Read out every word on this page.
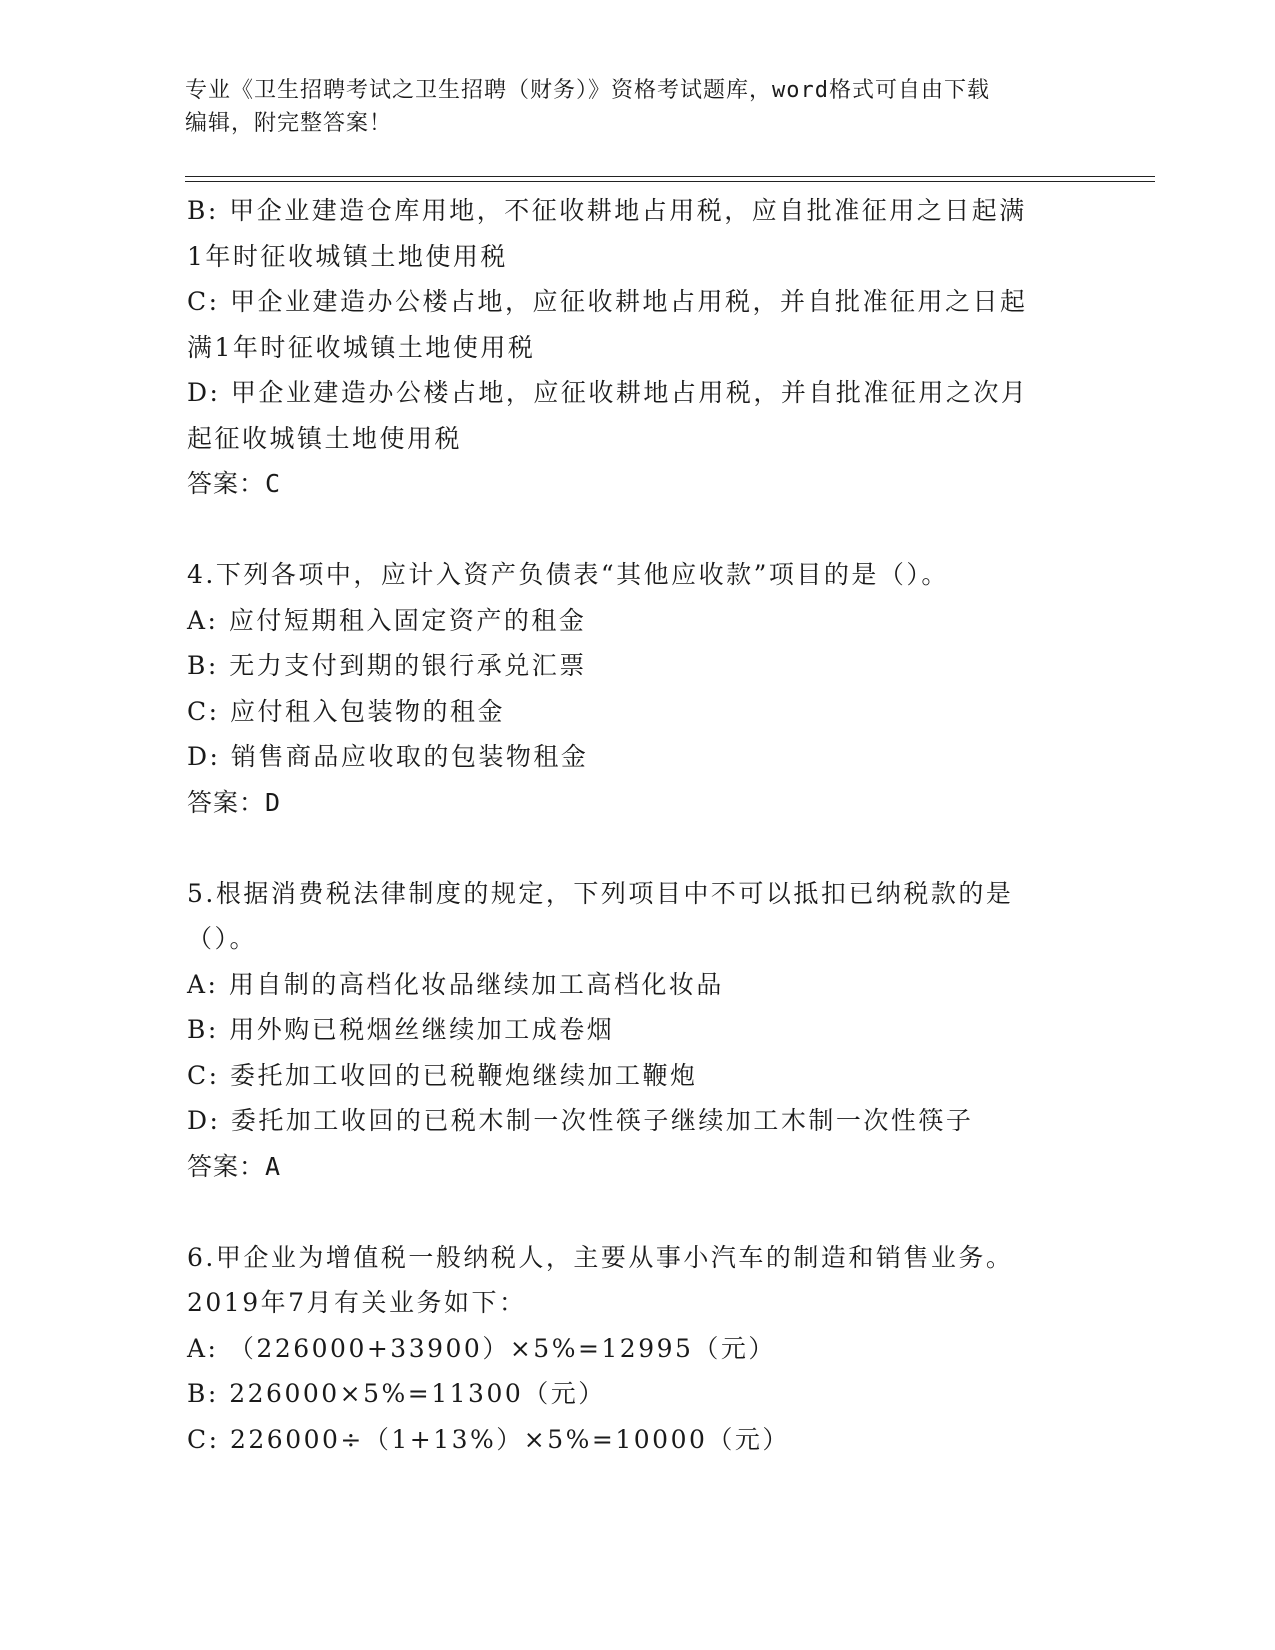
专业《卫生招聘考试之卫生招聘（财务）》资格考试题库，word格式可自由下载
编辑，附完整答案！
B: 甲企业建造仓库用地，不征收耕地占用税，应自批准征用之日起满
1年时征收城镇土地使用税
C: 甲企业建造办公楼占地，应征收耕地占用税，并自批准征用之日起
满1年时征收城镇土地使用税
D: 甲企业建造办公楼占地，应征收耕地占用税，并自批准征用之次月
起征收城镇土地使用税
答案：C
4.下列各项中，应计入资产负债表“其他应收款”项目的是（）。
A: 应付短期租入固定资产的租金
B: 无力支付到期的银行承兑汇票
C: 应付租入包装物的租金
D: 销售商品应收取的包装物租金
答案：D
5.根据消费税法律制度的规定，下列项目中不可以抵扣已纳税款的是
（）。
A: 用自制的高档化妆品继续加工高档化妆品
B: 用外购已税烟丝继续加工成卷烟
C: 委托加工收回的已税鞭炮继续加工鞭炮
D: 委托加工收回的已税木制一次性筷子继续加工木制一次性筷子
答案：A
6.甲企业为增值税一般纳税人，主要从事小汽车的制造和销售业务。
2019年7月有关业务如下：
A: （226000+33900）×5%=12995（元）
B: 226000×5%=11300（元）
C: 226000÷（1+13%）×5%=10000（元）
